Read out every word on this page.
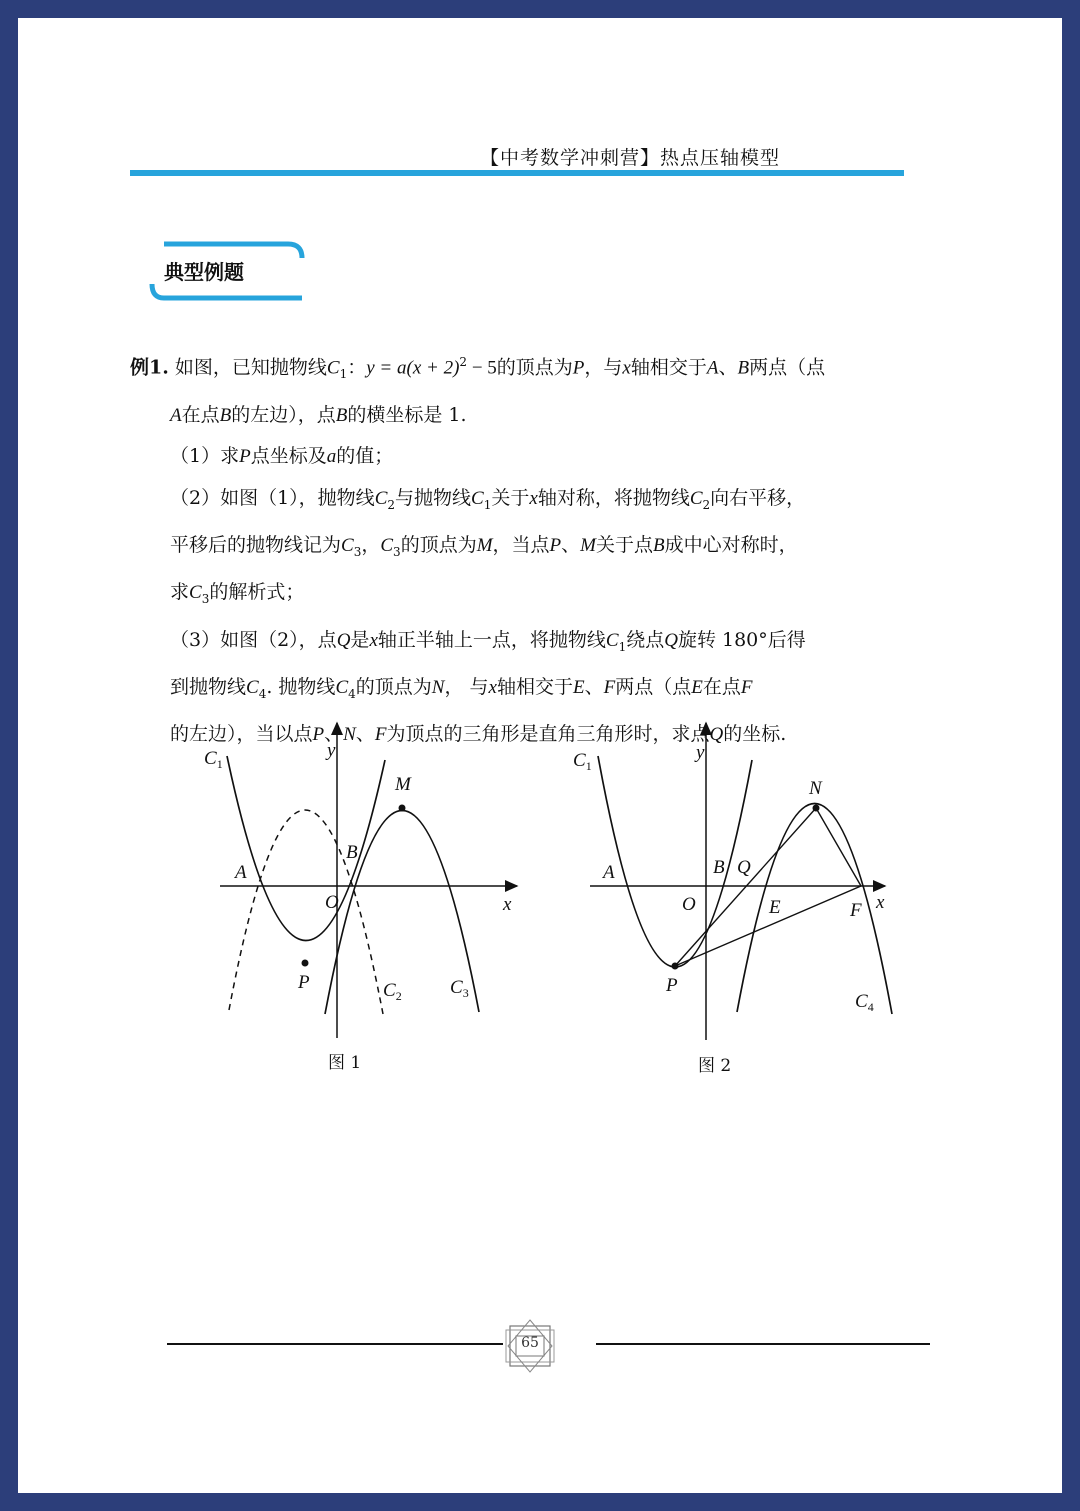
【中考数学冲刺营】热点压轴模型
典型例题
例1. 如图，已知抛物线$C_1$：$y = a(x + 2)^2 - 5$的顶点为P，与x轴相交于A、B两点（点
A在点B的左边），点B的横坐标是 1.
（1）求P点坐标及a的值；
（2）如图（1），抛物线$C_2$与抛物线$C_1$关于x轴对称，将抛物线$C_2$向右平移，
平移后的抛物线记为$C_3$，$C_3$的顶点为M，当点P、M关于点B成中心对称时，
求$C_3$的解析式；
（3）如图（2），点Q是x轴正半轴上一点，将抛物线$C_1$绕点Q旋转 180°后得
到抛物线$C_4$. 抛物线$C_4$的顶点为N， 与x轴相交于E、F两点（点E在点F
的左边），当以点P、N、F为顶点的三角形是直角三角形时，求点Q的坐标.
$C_1$
y
M
B
A
O	x
P	$C_2$	$C_3$
图 1
$C_1$
y
N
B Q
A
O	E	F x
P
$C_4$
图 2
65
